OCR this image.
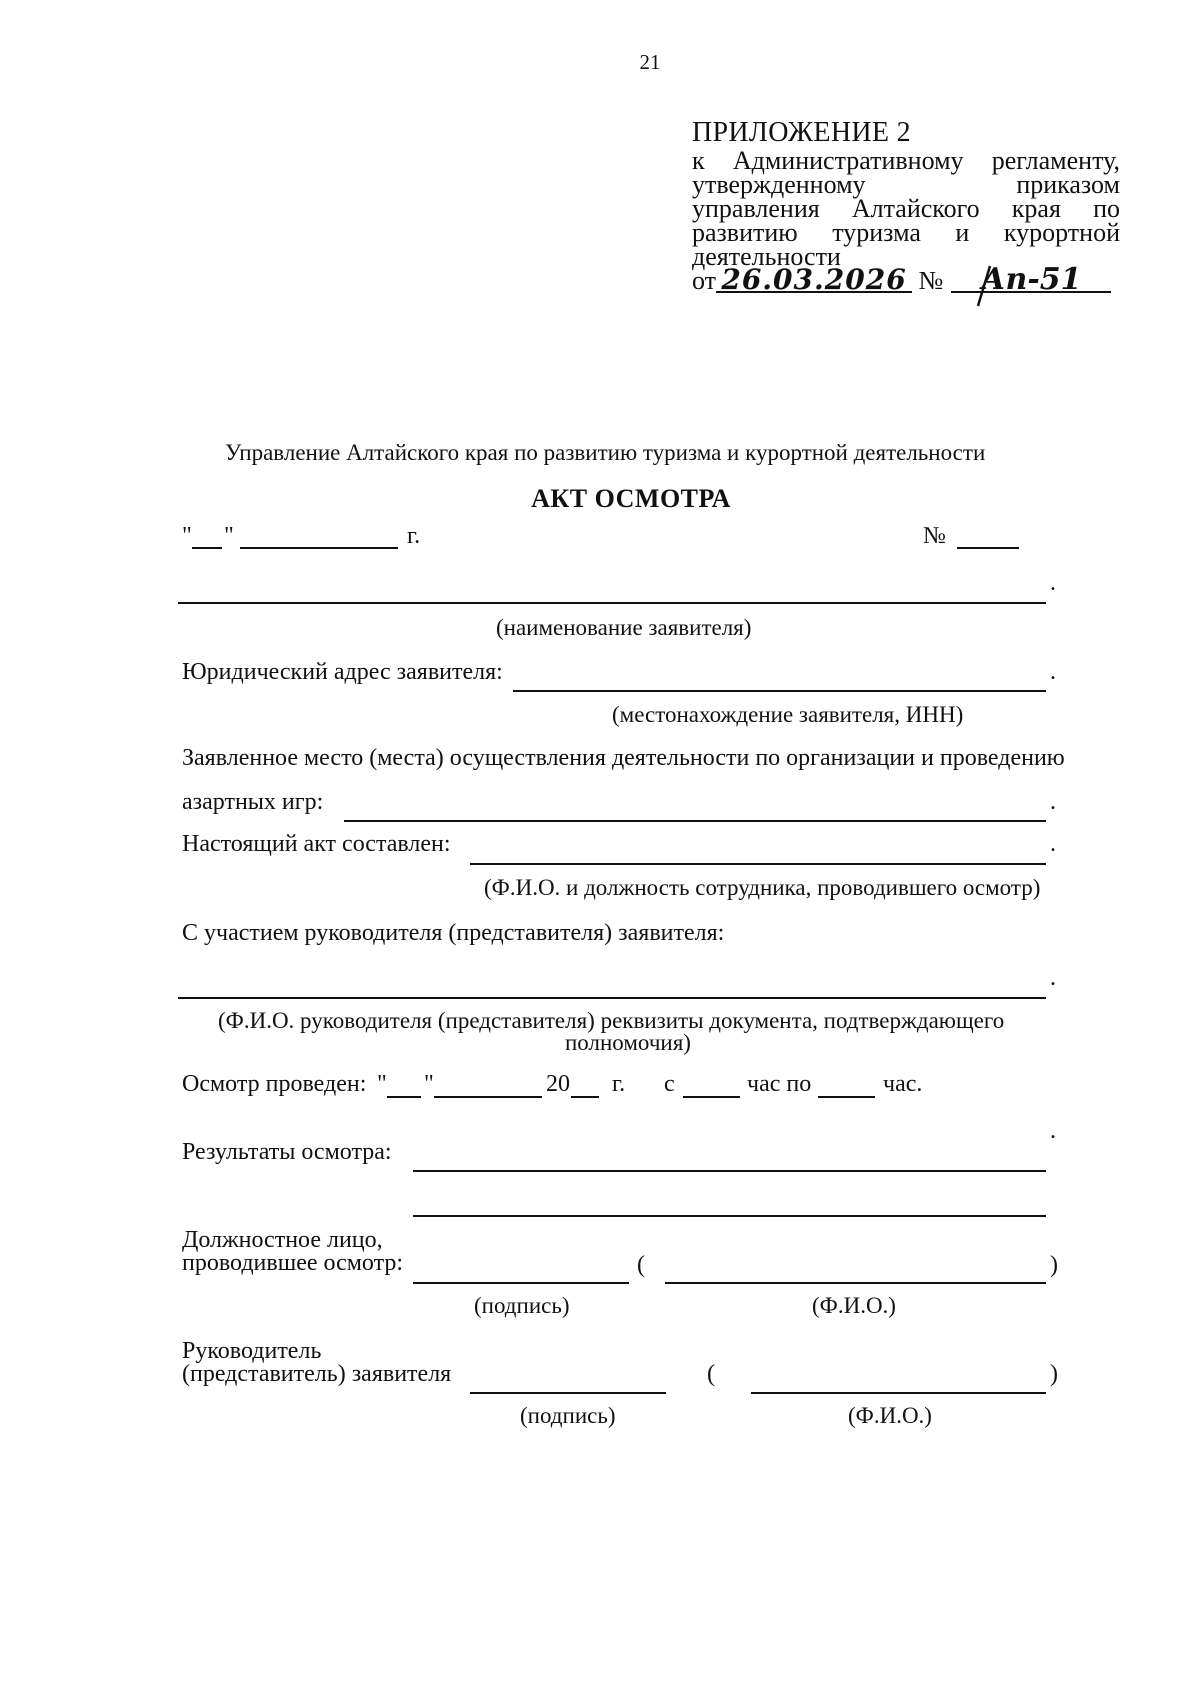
21
ПРИЛОЖЕНИЕ 2
к Административному регламенту,
утвержденному	приказом
управления Алтайского края по
развитию туризма и курортной
деятельности
от 26.03.2026 № Ап-51
Управление Алтайского края по развитию туризма и курортной деятельности
АКТ ОСМОТРА
" "	г.	№
.
(наименование заявителя)
Юридический адрес заявителя:	.
(местонахождение заявителя, ИНН)
Заявленное место (места) осуществления деятельности по организации и проведению
азартных игр:	.
Настоящий акт составлен:	.
(Ф.И.О. и должность сотрудника, проводившего осмотр)
С участием руководителя (представителя) заявителя:
.
(Ф.И.О. руководителя (представителя) реквизиты документа, подтверждающего
полномочия)
Осмотр проведен: " "	20 г. с	час по	час.
.
Результаты осмотра:
Должностное лицо,
проводившее осмотр:	(	)
(подпись)	(Ф.И.О.)
Руководитель
(представитель) заявителя	(	)
(подпись)	(Ф.И.О.)
